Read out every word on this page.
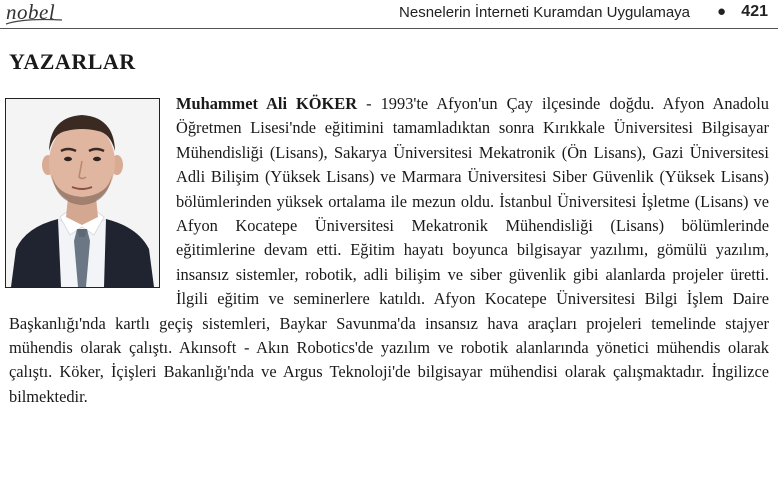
nobel	Nesnelerin İnterneti Kuramdan Uygulamaya ● 421
YAZARLAR

Muhammet Ali KÖKER - 1993'te Afyon'un Çay ilçesinde doğdu. Afyon Anadolu Öğretmen Lisesi'nde eğitimini tamamladıktan sonra Kırıkkale Üniversitesi Bilgisayar Mühendisliği (Lisans), Sakarya Üniversitesi Mekatronik (Ön Lisans), Gazi Üniversitesi Adli Bilişim (Yüksek Lisans) ve Marmara Üniversitesi Siber Güvenlik (Yüksek Lisans) bölümlerinden yüksek ortalama ile mezun oldu. İstanbul Üniversitesi İşletme (Lisans) ve Afyon Kocatepe Üniversitesi Mekatronik Mühendisliği (Lisans) bölümlerinde eğitimlerine devam etti. Eğitim hayatı boyunca bilgisayar yazılımı, gömülü yazılım, insansız sistemler, robotik, adli bilişim ve siber güvenlik gibi alanlarda projeler üretti. İlgili eğitim ve seminerlere katıldı. Afyon Kocatepe Üniversitesi Bilgi İşlem Daire Başkanlığı'nda kartlı geçiş sistemleri, Baykar Savunma'da insansız hava araçları projeleri temelinde stajyer mühendis olarak çalıştı. Akınsoft - Akın Robotics'de yazılım ve robotik alanlarında yönetici mühendis olarak çalıştı. Köker, İçişleri Bakanlığı'nda ve Argus Teknoloji'de bilgisayar mühendisi olarak çalışmaktadır. İngilizce bilmektedir.
